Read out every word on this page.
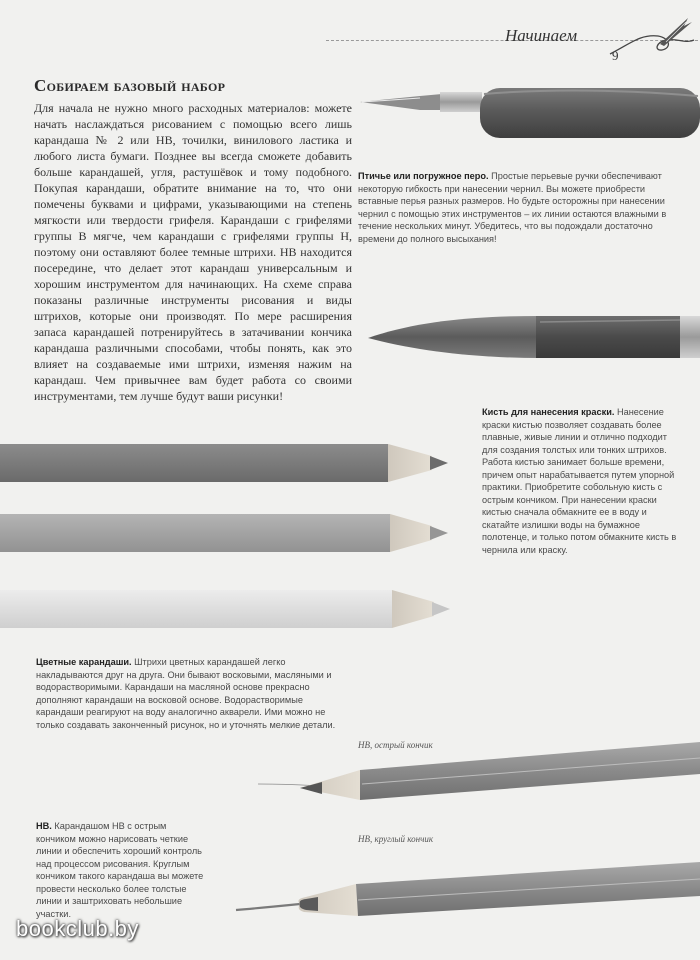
Начинаем
9
Собираем базовый набор
Для начала не нужно много расходных материалов: можете начать наслаждаться рисованием с помощью всего лишь карандаша № 2 или HB, точилки, винилового ластика и любого листа бумаги. Позднее вы всегда сможете добавить больше карандашей, угля, растушёвок и тому подобного. Покупая карандаши, обратите внимание на то, что они помечены буквами и цифрами, указывающими на степень мягкости или твердости грифеля. Карандаши с грифелями группы B мягче, чем карандаши с грифелями группы H, поэтому они оставляют более темные штрихи. HB находится посередине, что делает этот карандаш универсальным и хорошим инструментом для начинающих. На схеме справа показаны различные инструменты рисования и виды штрихов, которые они производят. По мере расширения запаса карандашей потренируйтесь в затачивании кончика карандаша различными способами, чтобы понять, как это влияет на создаваемые ими штрихи, изменяя нажим на карандаш. Чем привычнее вам будет работа со своими инструментами, тем лучше будут ваши рисунки!
Птичье или погружное перо. Простые перьевые ручки обеспечивают некоторую гибкость при нанесении чернил. Вы можете приобрести вставные перья разных размеров. Но будьте осторожны при нанесении чернил с помощью этих инструментов – их линии остаются влажными в течение нескольких минут. Убедитесь, что вы подождали достаточно времени до полного высыхания!
Кисть для нанесения краски. Нанесение краски кистью позволяет создавать более плавные, живые линии и отлично подходит для создания толстых или тонких штрихов. Работа кистью занимает больше времени, причем опыт нарабатывается путем упорной практики. Приобретите собольную кисть с острым кончиком. При нанесении краски кистью сначала обмакните ее в воду и скатайте излишки воды на бумажное полотенце, и только потом обмакните кисть в чернила или краску.
Цветные карандаши. Штрихи цветных карандашей легко накладываются друг на друга. Они бывают восковыми, масляными и водорастворимыми. Карандаши на масляной основе прекрасно дополняют карандаши на восковой основе. Водорастворимые карандаши реагируют на воду аналогично акварели. Ими можно не только создавать законченный рисунок, но и уточнять мелкие детали.
HB. Карандашом HB с острым кончиком можно нарисовать четкие линии и обеспечить хороший контроль над процессом рисования. Круглым кончиком такого карандаша вы можете провести несколько более толстые линии и заштриховать небольшие участки.
HB, острый кончик
HB, круглый кончик
bookclub.by
